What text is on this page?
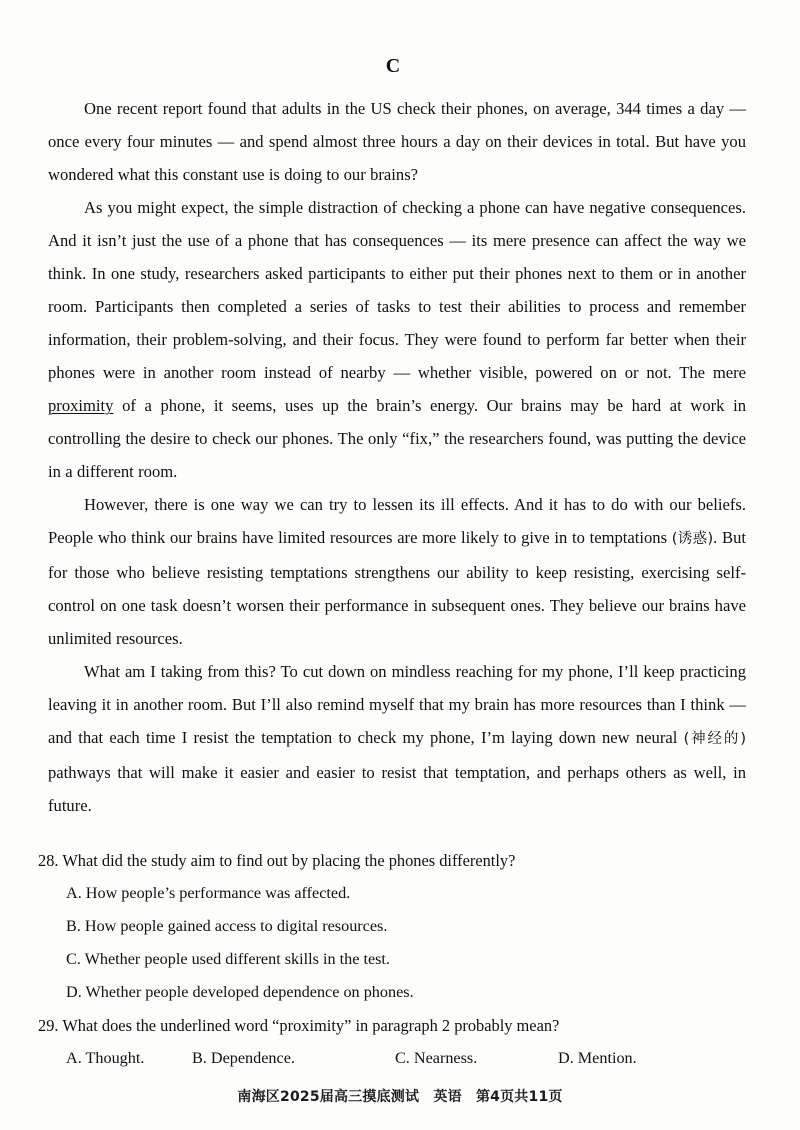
C

One recent report found that adults in the US check their phones, on average, 344 times a day — once every four minutes — and spend almost three hours a day on their devices in total. But have you wondered what this constant use is doing to our brains?

As you might expect, the simple distraction of checking a phone can have negative consequences. And it isn’t just the use of a phone that has consequences — its mere presence can affect the way we think. In one study, researchers asked participants to either put their phones next to them or in another room. Participants then completed a series of tasks to test their abilities to process and remember information, their problem-solving, and their focus. They were found to perform far better when their phones were in another room instead of nearby — whether visible, powered on or not. The mere proximity of a phone, it seems, uses up the brain’s energy. Our brains may be hard at work in controlling the desire to check our phones. The only “fix,” the researchers found, was putting the device in a different room.

However, there is one way we can try to lessen its ill effects. And it has to do with our beliefs. People who think our brains have limited resources are more likely to give in to temptations (诱惑). But for those who believe resisting temptations strengthens our ability to keep resisting, exercising self-control on one task doesn’t worsen their performance in subsequent ones. They believe our brains have unlimited resources.

What am I taking from this? To cut down on mindless reaching for my phone, I’ll keep practicing leaving it in another room. But I’ll also remind myself that my brain has more resources than I think — and that each time I resist the temptation to check my phone, I’m laying down new neural (神经的) pathways that will make it easier and easier to resist that temptation, and perhaps others as well, in future.

28. What did the study aim to find out by placing the phones differently?

A. How people’s performance was affected.
B. How people gained access to digital resources.
C. Whether people used different skills in the test.
D. Whether people developed dependence on phones.

29. What does the underlined word “proximity” in paragraph 2 probably mean?

A. Thought.	B. Dependence.	C. Nearness.	D. Mention.
南海区2025届高三摸底测试　英语　第4页共11页
